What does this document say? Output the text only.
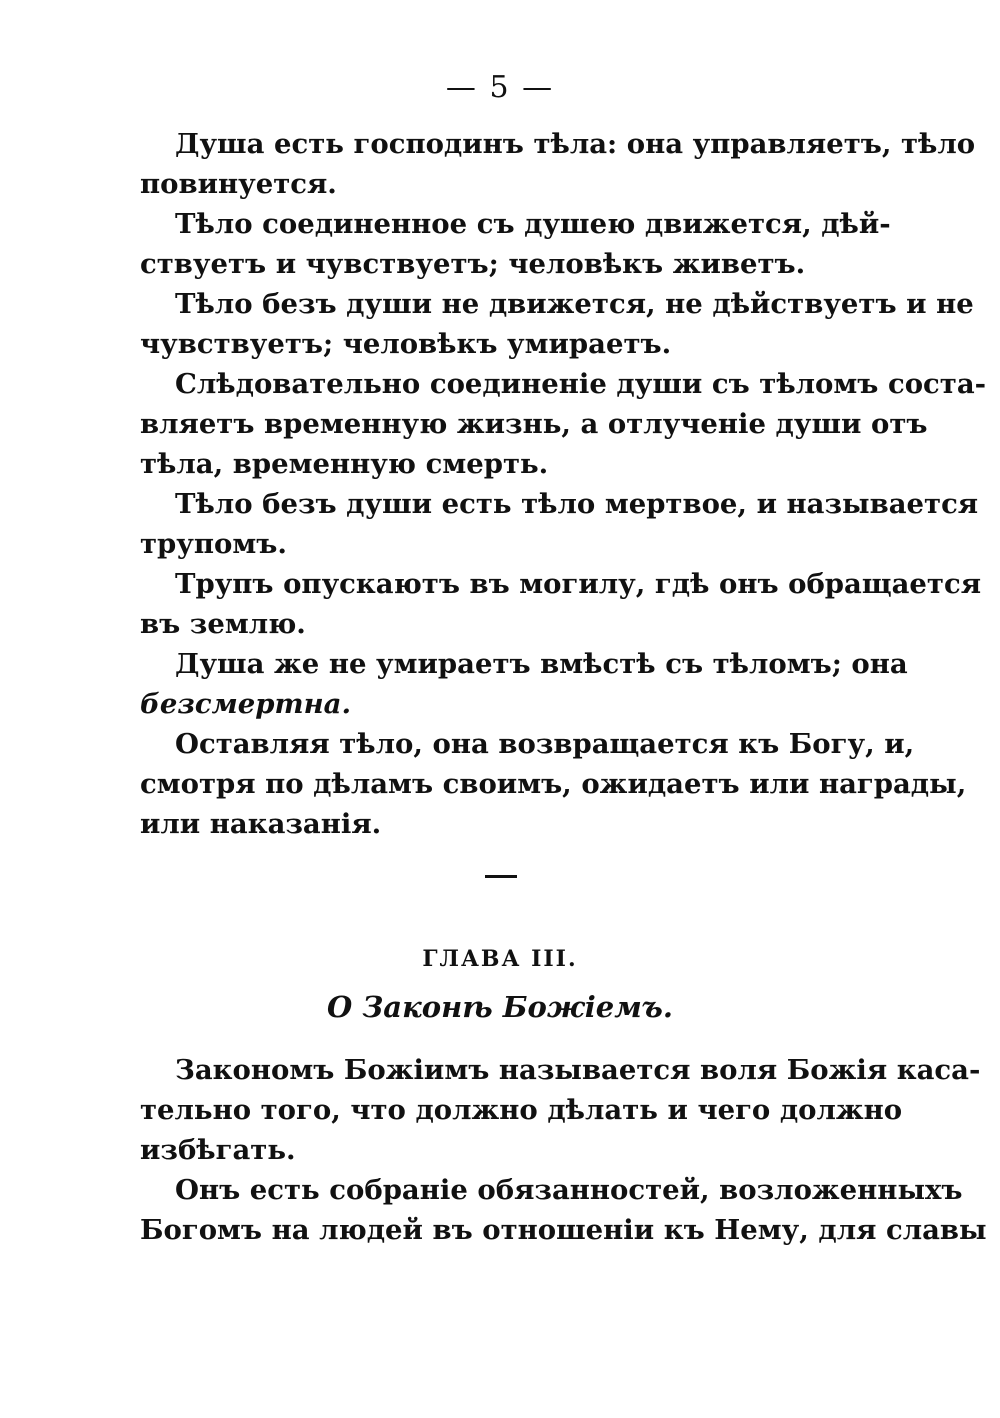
— 5 —
Душа есть господинъ тѣла: она управляетъ, тѣло
повинуется.
Тѣло соединенное съ душею движется, дѣй-
ствуетъ и чувствуетъ; человѣкъ живетъ.
Тѣло безъ души не движется, не дѣйствуетъ и не
чувствуетъ; человѣкъ умираетъ.
Слѣдовательно соединеніе души съ тѣломъ соста-
вляетъ временную жизнь, а отлученіе души отъ
тѣла, временную смерть.
Тѣло безъ души есть тѣло мертвое, и называется
трупомъ.
Трупъ опускаютъ въ могилу, гдѣ онъ обращается
въ землю.
Душа же не умираетъ вмѣстѣ съ тѣломъ; она
безсмертна.
Оставляя тѣло, она возвращается къ Богу, и,
смотря по дѣламъ своимъ, ожидаетъ или награды,
или наказанія.
ГЛАВА III.
О Законѣ Божіемъ.
Закономъ Божіимъ называется воля Божія каса-
тельно того, что должно дѣлать и чего должно
избѣгать.
Онъ есть собраніе обязанностей, возложенныхъ
Богомъ на людей въ отношеніи къ Нему, для славы
